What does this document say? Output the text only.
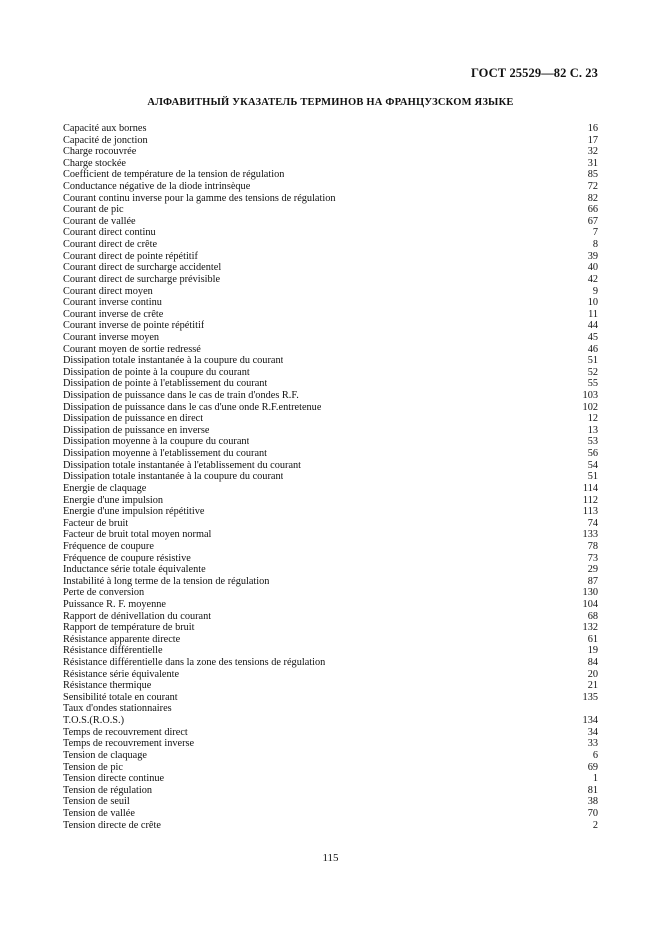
ГОСТ 25529—82 С. 23
АЛФАВИТНЫЙ УКАЗАТЕЛЬ ТЕРМИНОВ НА ФРАНЦУЗСКОМ ЯЗЫКЕ
Capacité aux bornes	16
Capacité de jonction	17
Charge rocouvrée	32
Charge stockée	31
Coefficient de température de la tension de régulation	85
Conductance négative de la diode intrinsèque	72
Courant continu inverse pour la gamme des tensions de régulation	82
Courant de pic	66
Courant de vallée	67
Courant direct continu	7
Courant direct de crête	8
Courant direct de pointe répétitif	39
Courant direct de surcharge accidentel	40
Courant direct de surcharge prévisible	42
Courant direct moyen	9
Courant inverse continu	10
Courant inverse de crête	11
Courant inverse de pointe répétitif	44
Courant inverse moyen	45
Courant moyen de sortie redressé	46
Dissipation totale instantanée à la coupure du courant	51
Dissipation de pointe à la coupure du courant	52
Dissipation de pointe à l'etablissement du courant	55
Dissipation de puissance dans le cas de train d'ondes R.F.	103
Dissipation de puissance dans le cas d'une onde R.F.entretenue	102
Dissipation de puissance en direct	12
Dissipation de puissance en inverse	13
Dissipation moyenne à la coupure du courant	53
Dissipation moyenne à l'etablissement du courant	56
Dissipation totale instantanée à l'etablissement du courant	54
Dissipation totale instantanée à la coupure du courant	51
Energie de claquage	114
Energie d'une impulsion	112
Energie d'une impulsion répétitive	113
Facteur de bruit	74
Facteur de bruit total moyen normal	133
Fréquence de coupure	78
Fréquence de coupure résistive	73
Inductance série totale équivalente	29
Instabilité à long terme de la tension de régulation	87
Perte de conversion	130
Puissance R. F. moyenne	104
Rapport de dénivellation du courant	68
Rapport de température de bruit	132
Résistance apparente directe	61
Résistance différentielle	19
Résistance différentielle dans la zone des tensions de régulation	84
Résistance série équivalente	20
Résistance thermique	21
Sensibilité totale en courant	135
Taux d'ondes stationnaires
T.O.S.(R.O.S.)	134
Temps de recouvrement direct	34
Temps de recouvrement inverse	33
Tension de claquage	6
Tension de pic	69
Tension directe continue	1
Tension de régulation	81
Tension de seuil	38
Tension de vallée	70
Tension directe de crête	2
115
